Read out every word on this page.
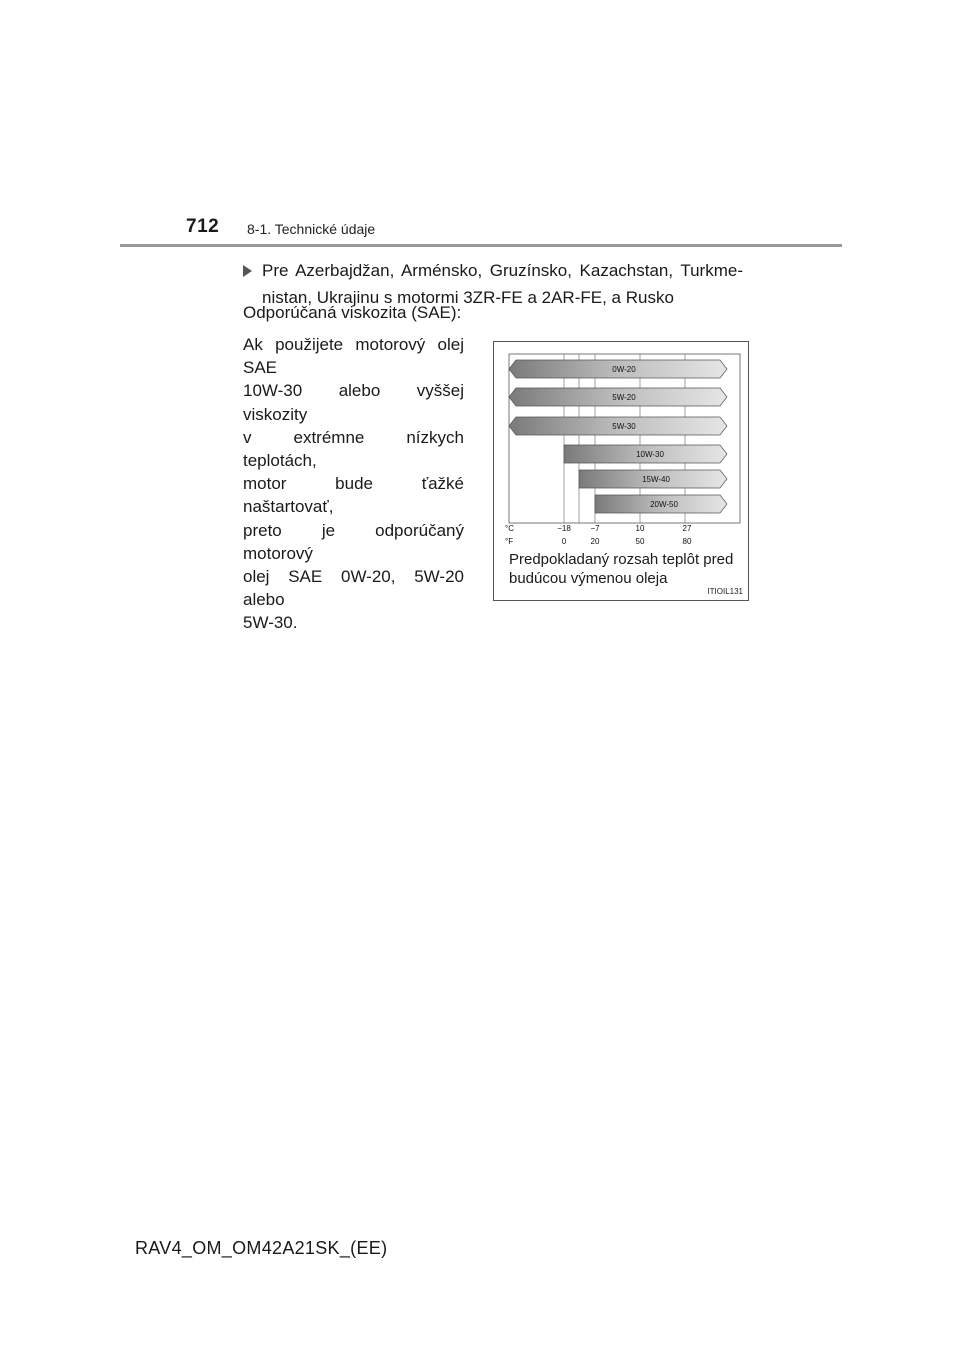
712 8-1. Technické údaje
Pre Azerbajdžan, Arménsko, Gruzínsko, Kazachstan, Turkme-
nistan, Ukrajinu s motormi 3ZR-FE a 2AR-FE, a Rusko
Odporúčaná viskozita (SAE):
Ak použijete motorový olej SAE
10W-30 alebo vyššej viskozity
v extrémne nízkych teplotách,
motor bude ťažké naštartovať,
preto je odporúčaný motorový
olej SAE 0W-20, 5W-20 alebo
5W-30.
0W-20
5W-20
5W-30
10W-30
15W-40
20W-50
°C
°F
−18 −7	10	27
0	20	50	80
Predpokladaný rozsah teplôt pred
budúcou výmenou oleja
ITIOIL131
RAV4_OM_OM42A21SK_(EE)
